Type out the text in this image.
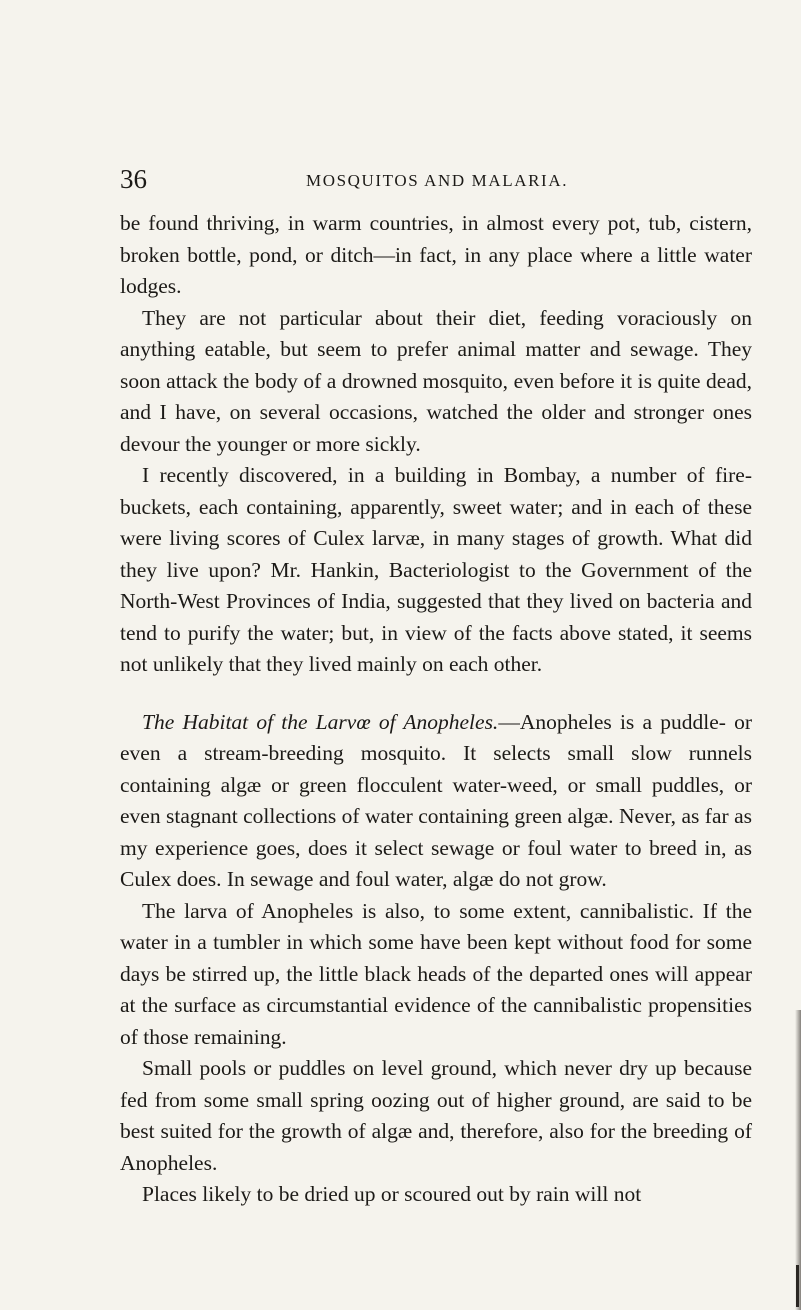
36	MOSQUITOS AND MALARIA.

be found thriving, in warm countries, in almost every pot, tub, cistern, broken bottle, pond, or ditch—in fact, in any place where a little water lodges.

They are not particular about their diet, feeding voraciously on anything eatable, but seem to prefer animal matter and sewage. They soon attack the body of a drowned mosquito, even before it is quite dead, and I have, on several occasions, watched the older and stronger ones devour the younger or more sickly.

I recently discovered, in a building in Bombay, a number of fire-buckets, each containing, apparently, sweet water; and in each of these were living scores of Culex larvæ, in many stages of growth. What did they live upon? Mr. Hankin, Bacteriologist to the Government of the North-West Provinces of India, suggested that they lived on bacteria and tend to purify the water; but, in view of the facts above stated, it seems not unlikely that they lived mainly on each other.

The Habitat of the Larvœ of Anopheles.—Anopheles is a puddle- or even a stream-breeding mosquito. It selects small slow runnels containing algæ or green flocculent water-weed, or small puddles, or even stagnant collections of water containing green algæ. Never, as far as my experience goes, does it select sewage or foul water to breed in, as Culex does. In sewage and foul water, algæ do not grow.

The larva of Anopheles is also, to some extent, cannibalistic. If the water in a tumbler in which some have been kept without food for some days be stirred up, the little black heads of the departed ones will appear at the surface as circumstantial evidence of the cannibalistic propensities of those remaining.

Small pools or puddles on level ground, which never dry up because fed from some small spring oozing out of higher ground, are said to be best suited for the growth of algæ and, therefore, also for the breeding of Anopheles.

Places likely to be dried up or scoured out by rain will not
